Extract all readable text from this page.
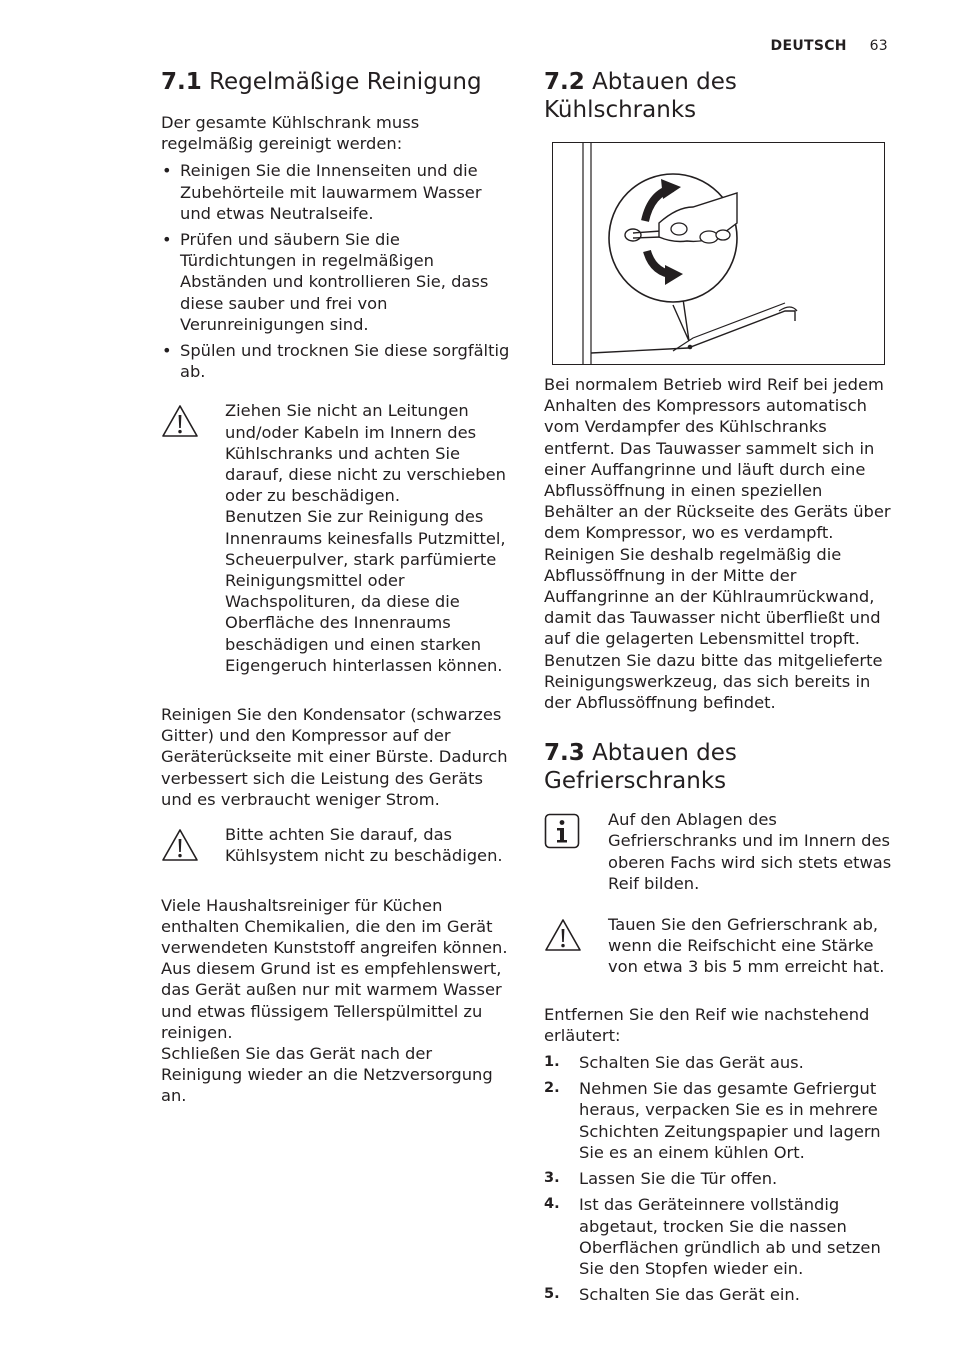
DEUTSCH 63
7.1 Regelmäßige Reinigung

Der gesamte Kühlschrank muss regelmäßig gereinigt werden:

• Reinigen Sie die Innenseiten und die Zubehörteile mit lauwarmem Wasser und etwas Neutralseife.
• Prüfen und säubern Sie die Türdichtungen in regelmäßigen Abständen und kontrollieren Sie, dass diese sauber und frei von Verunreinigungen sind.
• Spülen und trocknen Sie diese sorgfältig ab.

Ziehen Sie nicht an Leitungen und/oder Kabeln im Innern des Kühlschranks und achten Sie darauf, diese nicht zu verschieben oder zu beschädigen.

Benutzen Sie zur Reinigung des Innenraums keinesfalls Putzmittel, Scheuerpulver, stark parfümierte Reinigungsmittel oder Wachspolituren, da diese die Oberfläche des Innenraums beschädigen und einen starken Eigengeruch hinterlassen können.

Reinigen Sie den Kondensator (schwarzes Gitter) und den Kompressor auf der Geräterückseite mit einer Bürste. Dadurch verbessert sich die Leistung des Geräts und es verbraucht weniger Strom.

Bitte achten Sie darauf, das Kühlsystem nicht zu beschädigen.

Viele Haushaltsreiniger für Küchen enthalten Chemikalien, die den im Gerät verwendeten Kunststoff angreifen können. Aus diesem Grund ist es empfehlenswert, das Gerät außen nur mit warmem Wasser und etwas flüssigem Tellerspülmittel zu reinigen.

Schließen Sie das Gerät nach der Reinigung wieder an die Netzversorgung an.

7.2 Abtauen des Kühlschranks

Bei normalem Betrieb wird Reif bei jedem Anhalten des Kompressors automatisch vom Verdampfer des Kühlschranks entfernt. Das Tauwasser sammelt sich in einer Auffangrinne und läuft durch eine Abflussöffnung in einen speziellen Behälter an der Rückseite des Geräts über dem Kompressor, wo es verdampft. Reinigen Sie deshalb regelmäßig die Abflussöffnung in der Mitte der Auffangrinne an der Kühlraumrückwand, damit das Tauwasser nicht überfließt und auf die gelagerten Lebensmittel tropft. Benutzen Sie dazu bitte das mitgelieferte Reinigungswerkzeug, das sich bereits in der Abflussöffnung befindet.

7.3 Abtauen des Gefrierschranks

Auf den Ablagen des Gefrierschranks und im Innern des oberen Fachs wird sich stets etwas Reif bilden.

Tauen Sie den Gefrierschrank ab, wenn die Reifschicht eine Stärke von etwa 3 bis 5 mm erreicht hat.

Entfernen Sie den Reif wie nachstehend erläutert:

1.	Schalten Sie das Gerät aus.
2.	Nehmen Sie das gesamte Gefriergut heraus, verpacken Sie es in mehrere Schichten Zeitungspapier und lagern Sie es an einem kühlen Ort.
3.	Lassen Sie die Tür offen.
4.	Ist das Geräteinnere vollständig abgetaut, trocken Sie die nassen Oberflächen gründlich ab und setzen Sie den Stopfen wieder ein.
5.	Schalten Sie das Gerät ein.
